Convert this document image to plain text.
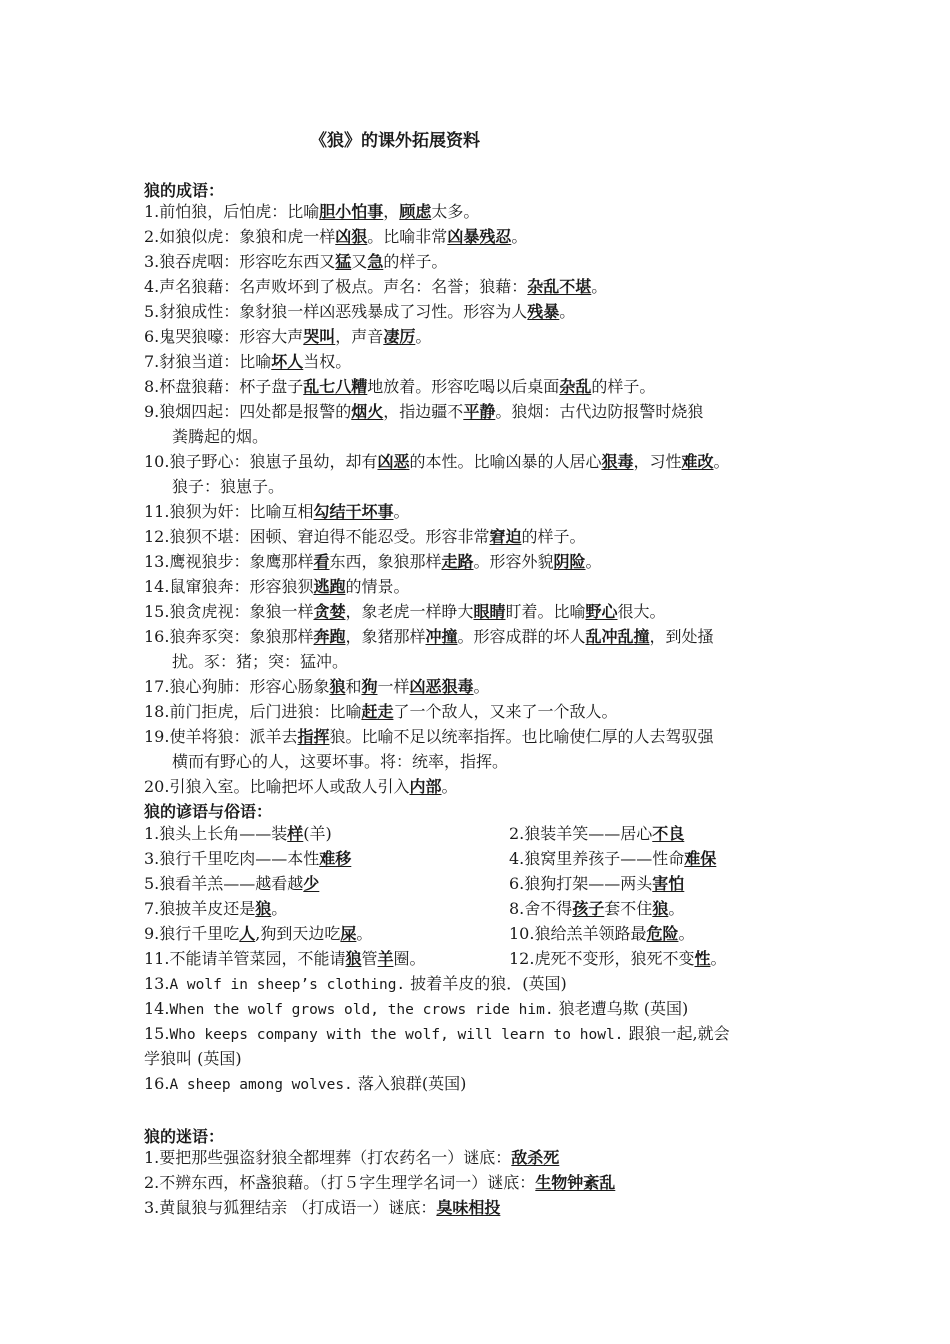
《狼》的课外拓展资料
狼的成语：
1.前怕狼，后怕虎：比喻胆小怕事，顾虑太多。
2.如狼似虎：象狼和虎一样凶狠。比喻非常凶暴残忍。
3.狼吞虎咽：形容吃东西又猛又急的样子。
4.声名狼藉：名声败坏到了极点。声名：名誉；狼藉：杂乱不堪。
5.豺狼成性：象豺狼一样凶恶残暴成了习性。形容为人残暴。
6.鬼哭狼嚎：形容大声哭叫，声音凄厉。
7.豺狼当道：比喻坏人当权。
8.杯盘狼藉：杯子盘子乱七八糟地放着。形容吃喝以后桌面杂乱的样子。
9.狼烟四起：四处都是报警的烟火，指边疆不平静。狼烟：古代边防报警时烧狼
粪腾起的烟。
10.狼子野心：狼崽子虽幼，却有凶恶的本性。比喻凶暴的人居心狠毒，习性难改。
狼子：狼崽子。
11.狼狈为奸：比喻互相勾结干坏事。
12.狼狈不堪：困顿、窘迫得不能忍受。形容非常窘迫的样子。
13.鹰视狼步：象鹰那样看东西，象狼那样走路。形容外貌阴险。
14.鼠窜狼奔：形容狼狈逃跑的情景。
15.狼贪虎视：象狼一样贪婪，象老虎一样睁大眼睛盯着。比喻野心很大。
16.狼奔豕突：象狼那样奔跑，象猪那样冲撞。形容成群的坏人乱冲乱撞，到处搔
扰。豕：猪；突：猛冲。
17.狼心狗肺：形容心肠象狼和狗一样凶恶狠毒。
18.前门拒虎，后门进狼：比喻赶走了一个敌人，又来了一个敌人。
19.使羊将狼：派羊去指挥狼。比喻不足以统率指挥。也比喻使仁厚的人去驾驭强
横而有野心的人，这要坏事。将：统率，指挥。
20.引狼入室。比喻把坏人或敌人引入内部。
狼的谚语与俗语：
1.狼头上长角——装样(羊)
3.狼行千里吃肉——本性难移
5.狼看羊羔——越看越少
7.狼披羊皮还是狼。
9.狼行千里吃人,狗到天边吃屎。
11.不能请羊管菜园，不能请狼管羊圈。
2.狼装羊笑——居心不良
4.狼窝里养孩子——性命难保
6.狼狗打架——两头害怕
8.舍不得孩子套不住狼。
10.狼给羔羊领路最危险。
12.虎死不变形，狼死不变性。
13.A wolf in sheep’s clothing. 披着羊皮的狼．(英国)
14.When the wolf grows old, the crows ride him. 狼老遭乌欺 (英国)
15.Who keeps company with the wolf, will learn to howl. 跟狼一起,就会
学狼叫 (英国)
16.A sheep among wolves. 落入狼群(英国)
狼的迷语：
1.要把那些强盗豺狼全都埋葬（打农药名一）谜底：敌杀死
2.不辨东西，杯盏狼藉。（打５字生理学名词一）谜底：生物钟紊乱
3.黄鼠狼与狐狸结亲 （打成语一）谜底：臭味相投
